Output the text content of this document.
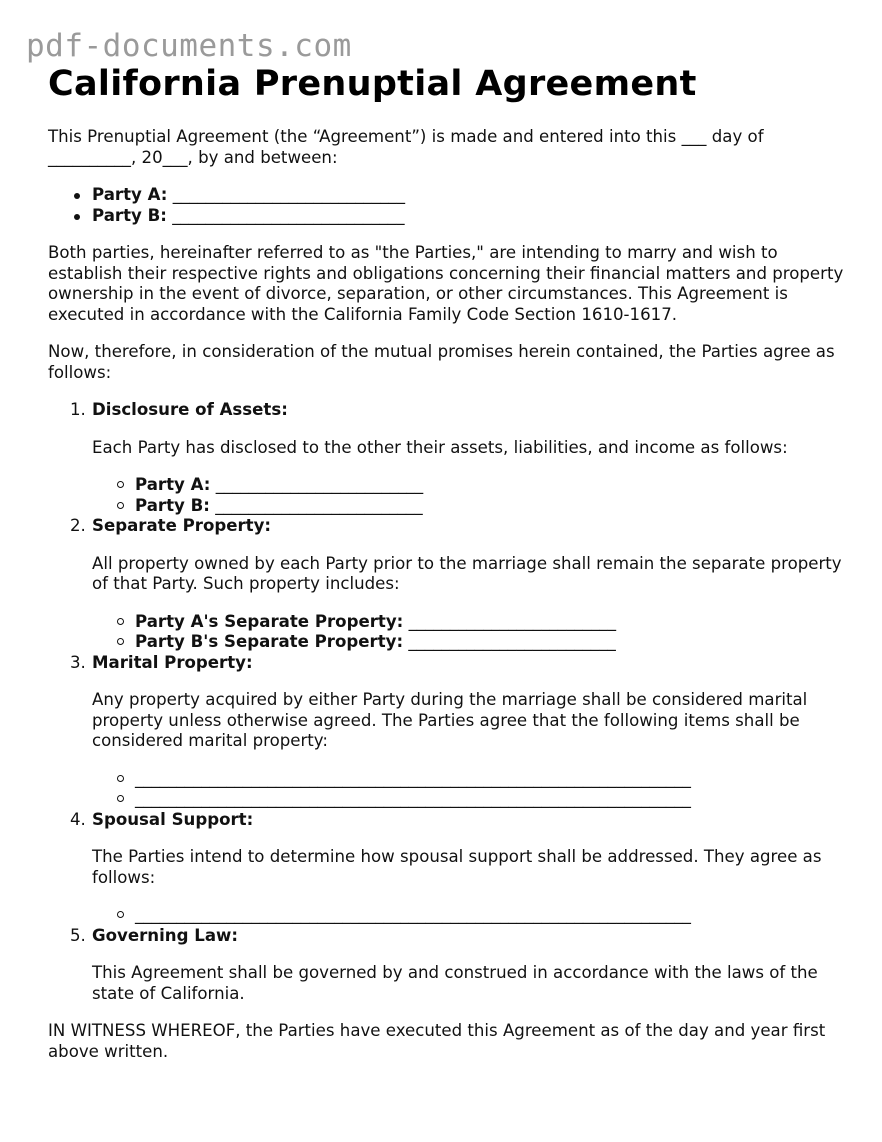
pdf-documents.com
California Prenuptial Agreement

This Prenuptial Agreement (the “Agreement”) is made and entered into this ___ day of __________, 20___, by and between:

Party A: ____________________________
Party B: ____________________________

Both parties, hereinafter referred to as "the Parties," are intending to marry and wish to establish their respective rights and obligations concerning their financial matters and property ownership in the event of divorce, separation, or other circumstances. This Agreement is executed in accordance with the California Family Code Section 1610-1617.

Now, therefore, in consideration of the mutual promises herein contained, the Parties agree as follows:

1. Disclosure of Assets:

Each Party has disclosed to the other their assets, liabilities, and income as follows:

Party A: _________________________
Party B: _________________________
2. Separate Property:

All property owned by each Party prior to the marriage shall remain the separate property of that Party. Such property includes:

Party A's Separate Property: _________________________
Party B's Separate Property: _________________________
3. Marital Property:

Any property acquired by either Party during the marriage shall be considered marital property unless otherwise agreed. The Parties agree that the following items shall be considered marital property:

___________________________________________________________________
___________________________________________________________________
4. Spousal Support:

The Parties intend to determine how spousal support shall be addressed. They agree as follows:

___________________________________________________________________
5. Governing Law:

This Agreement shall be governed by and construed in accordance with the laws of the state of California.

IN WITNESS WHEREOF, the Parties have executed this Agreement as of the day and year first above written.
